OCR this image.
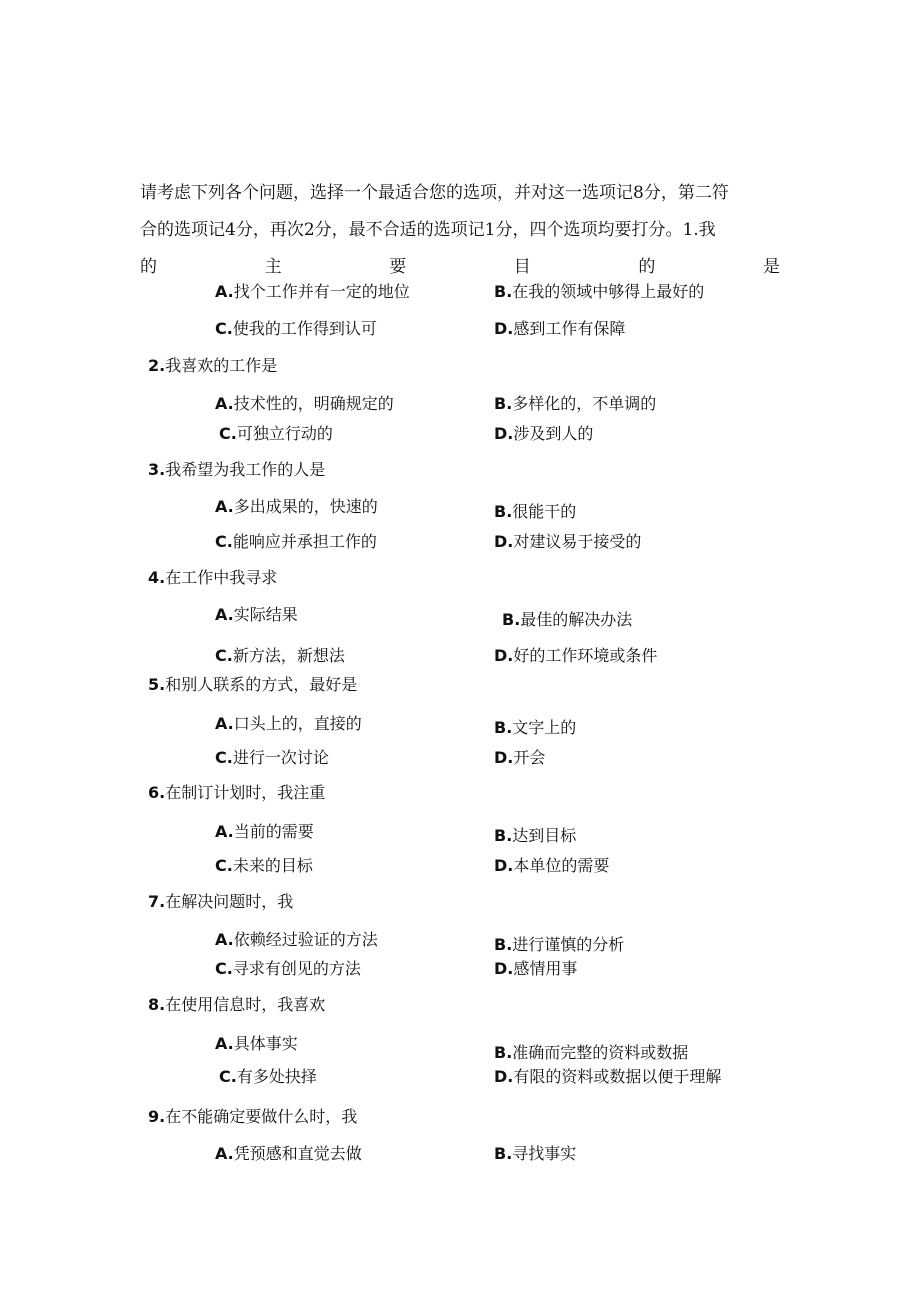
请考虑下列各个问题，选择一个最适合您的选项，并对这一选项记8分，第二符
合的选项记4分，再次2分，最不合适的选项记1分，四个选项均要打分。1.我
的	主	要	目	的	是
A.找个工作并有一定的地位	B.在我的领域中够得上最好的
C.使我的工作得到认可	D.感到工作有保障
2.我喜欢的工作是
A.技术性的，明确规定的	B.多样化的，不单调的
C.可独立行动的	D.涉及到人的
3.我希望为我工作的人是
A.多出成果的，快速的	B.很能干的
C.能响应并承担工作的	D.对建议易于接受的
4.在工作中我寻求
A.实际结果	B.最佳的解决办法
C.新方法，新想法	D.好的工作环境或条件
5.和别人联系的方式，最好是
A.口头上的，直接的	B.文字上的
C.进行一次讨论	D.开会
6.在制订计划时，我注重
A.当前的需要	B.达到目标
C.未来的目标	D.本单位的需要
7.在解决问题时，我
A.依赖经过验证的方法	B.进行谨慎的分析
C.寻求有创见的方法	D.感情用事
8.在使用信息时，我喜欢
A.具体事实	B.准确而完整的资料或数据
C.有多处抉择	D.有限的资料或数据以便于理解
9.在不能确定要做什么时，我
A.凭预感和直觉去做	B.寻找事实
